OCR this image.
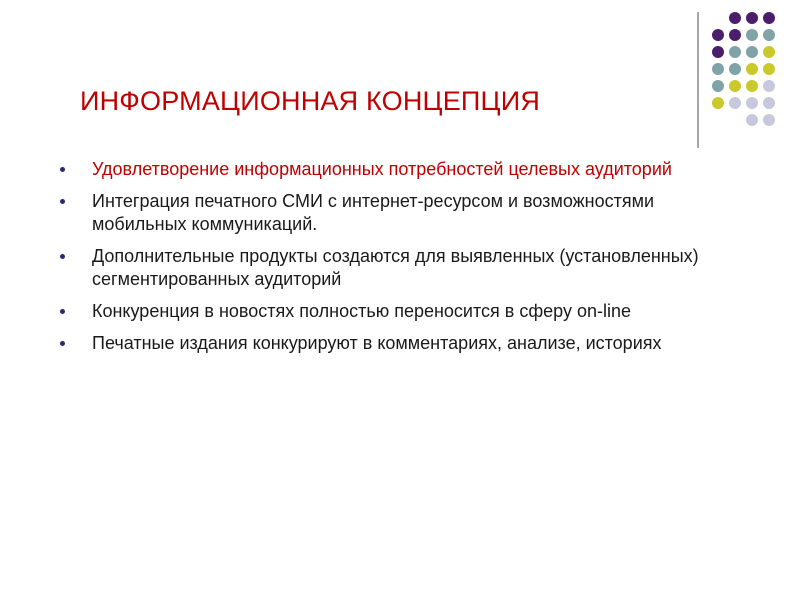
ИНФОРМАЦИОННАЯ КОНЦЕПЦИЯ
Удовлетворение информационных потребностей целевых аудиторий
Интеграция печатного СМИ с интернет-ресурсом и возможностями мобильных коммуникаций.
Дополнительные продукты создаются для выявленных (установленных) сегментированных аудиторий
Конкуренция в новостях полностью переносится в сферу on-line
Печатные издания конкурируют в комментариях, анализе, историях
